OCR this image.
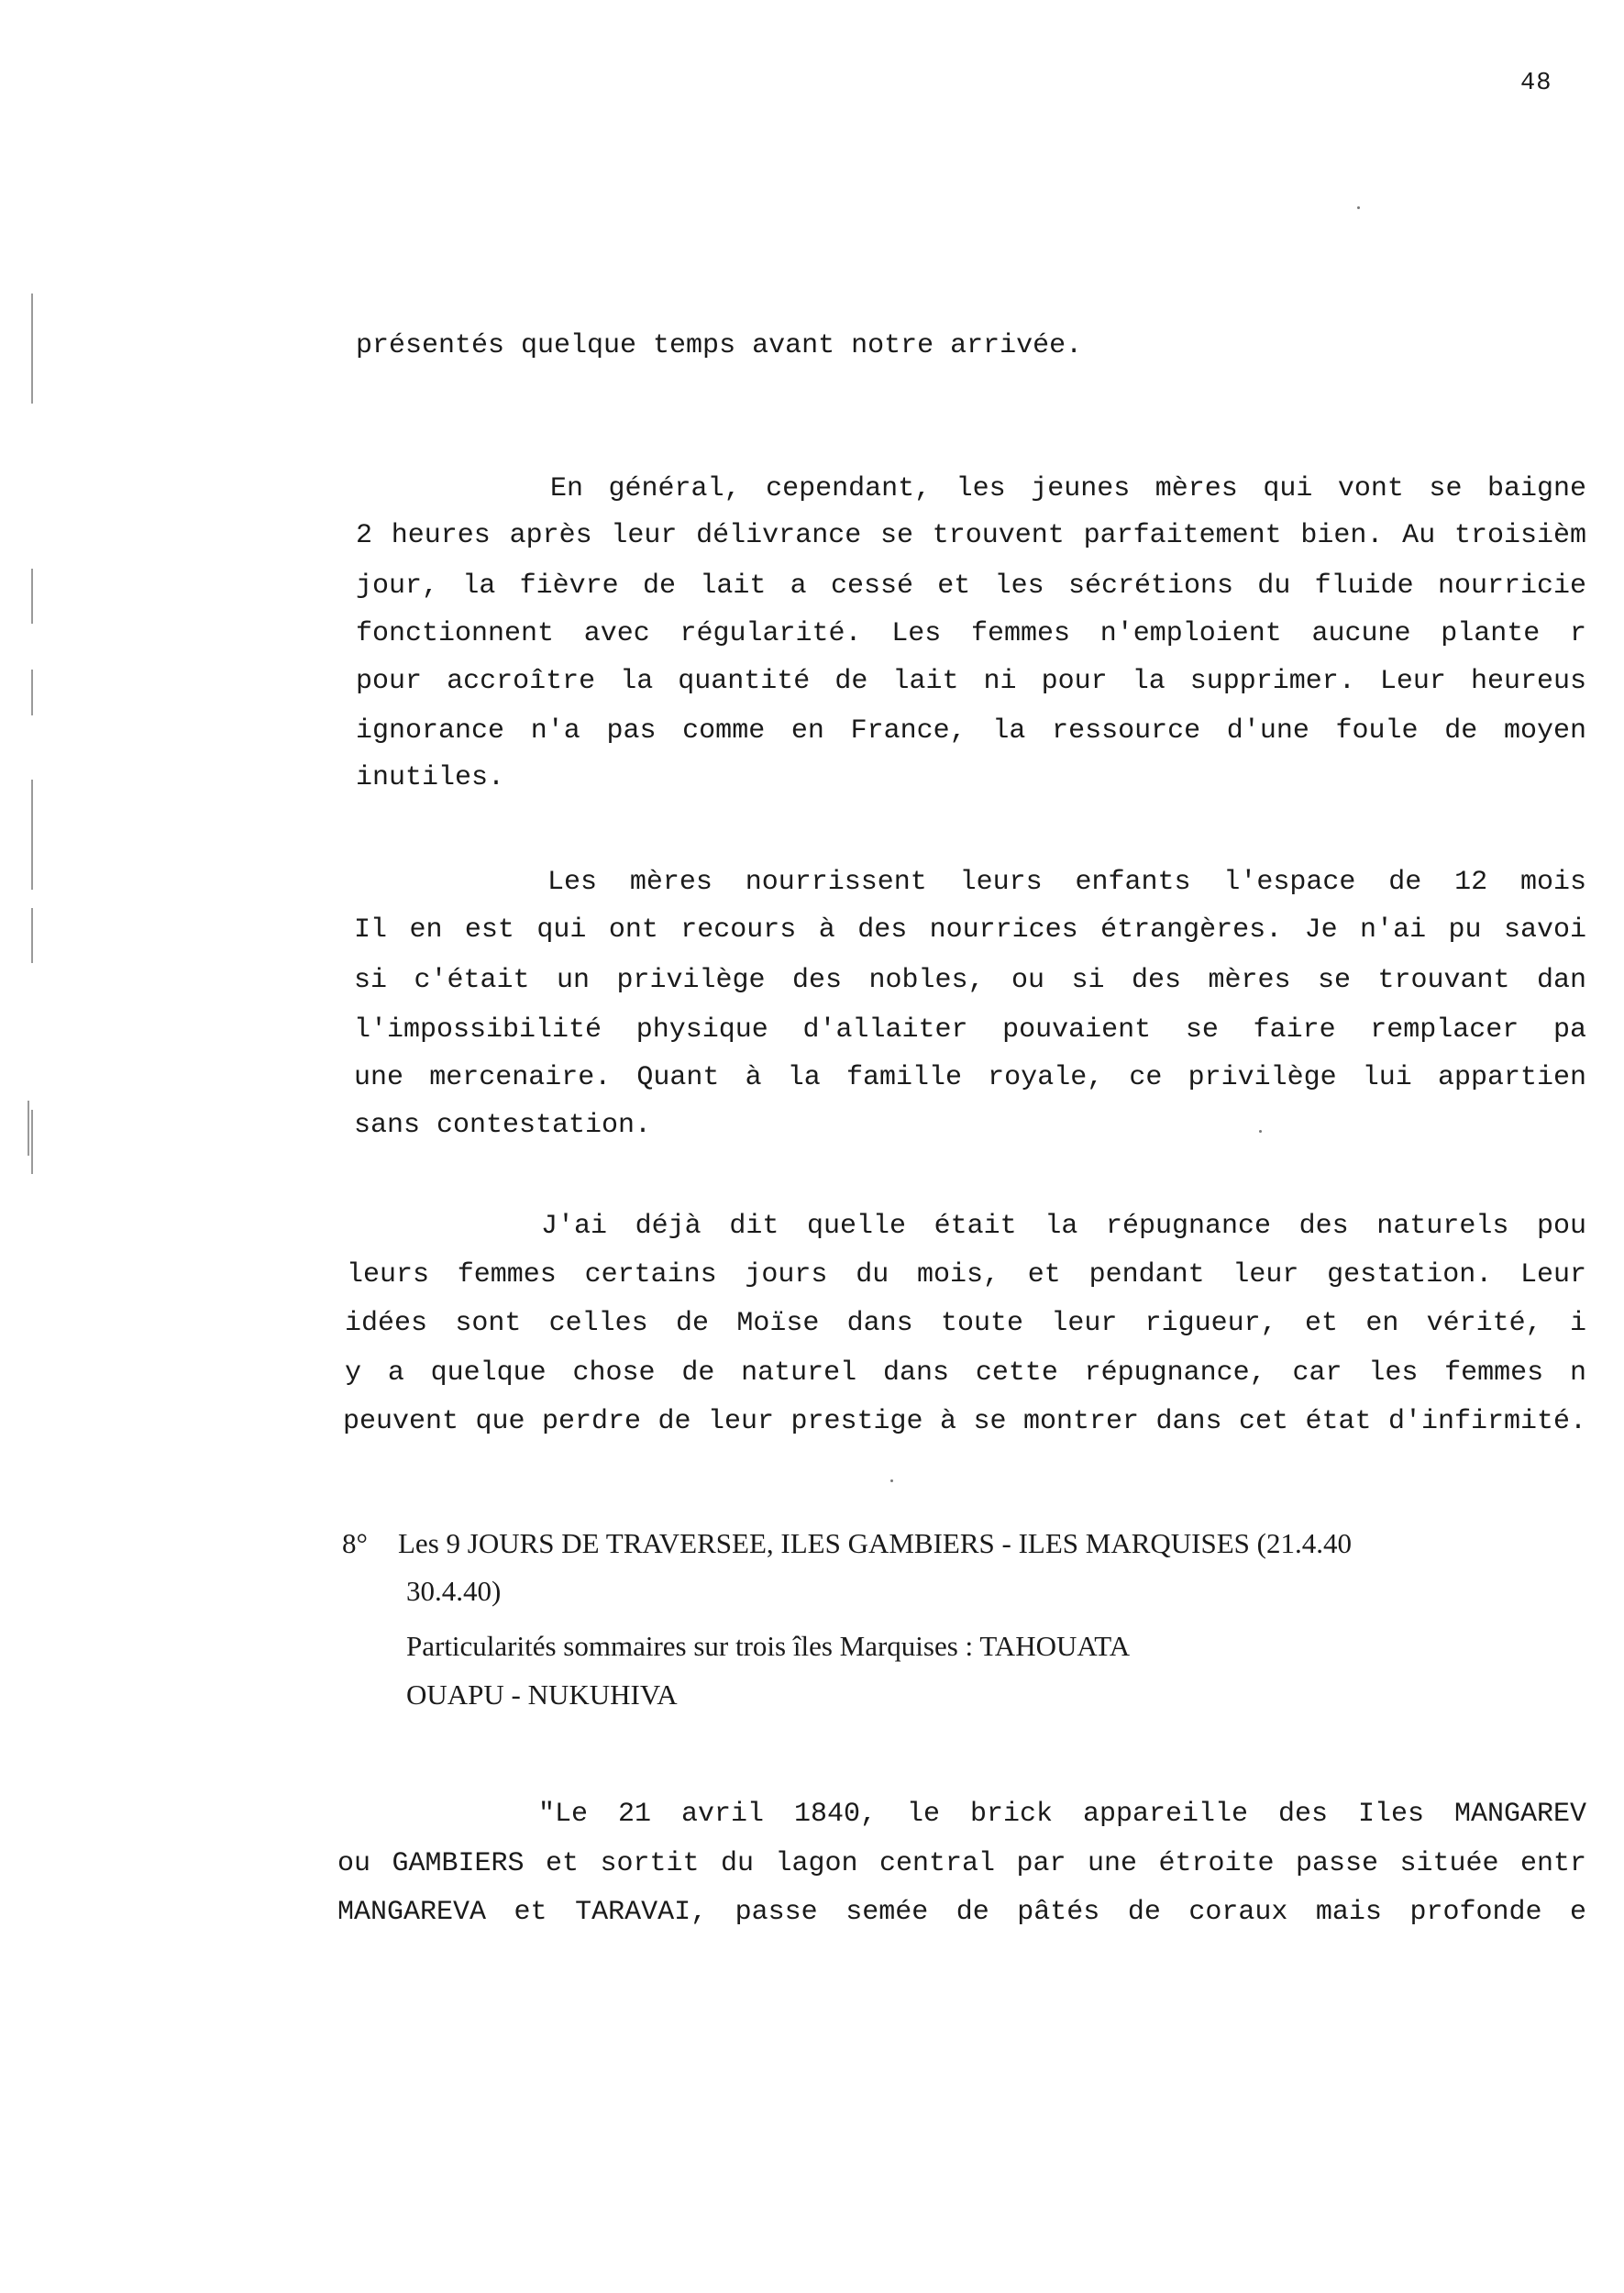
48
présentés quelque temps avant notre arrivée.
En général, cependant, les jeunes mères qui vont se baigne
2 heures après leur délivrance se trouvent parfaitement bien. Au troisièm
jour, la fièvre de lait a cessé et les sécrétions du fluide nourricie
fonctionnent avec régularité. Les femmes n'emploient aucune plante r
pour accroître la quantité de lait ni pour la supprimer. Leur heureus
ignorance n'a pas comme en France, la ressource d'une foule de moyen
inutiles.
Les mères nourrissent leurs enfants l'espace de 12 mois
Il en est qui ont recours à des nourrices étrangères. Je n'ai pu savoi
si c'était un privilège des nobles, ou si des mères se trouvant dan
l'impossibilité physique d'allaiter pouvaient se faire remplacer pa
une mercenaire. Quant à la famille royale, ce privilège lui appartien
sans contestation.
J'ai déjà dit quelle était la répugnance des naturels pou
leurs femmes certains jours du mois, et pendant leur gestation. Leur
idées sont celles de Moïse dans toute leur rigueur, et en vérité, i
y a quelque chose de naturel dans cette répugnance, car les femmes n
peuvent que perdre de leur prestige à se montrer dans cet état d'infirmité.
8° Les 9 JOURS DE TRAVERSEE, ILES GAMBIERS - ILES MARQUISES (21.4.40
30.4.40)
Particularités sommaires sur trois îles Marquises : TAHOUATA
OUAPU - NUKUHIVA
"Le 21 avril 1840, le brick appareille des Iles MANGAREV
ou GAMBIERS et sortit du lagon central par une étroite passe située entr
MANGAREVA et TARAVAI, passe semée de pâtés de coraux mais profonde e
